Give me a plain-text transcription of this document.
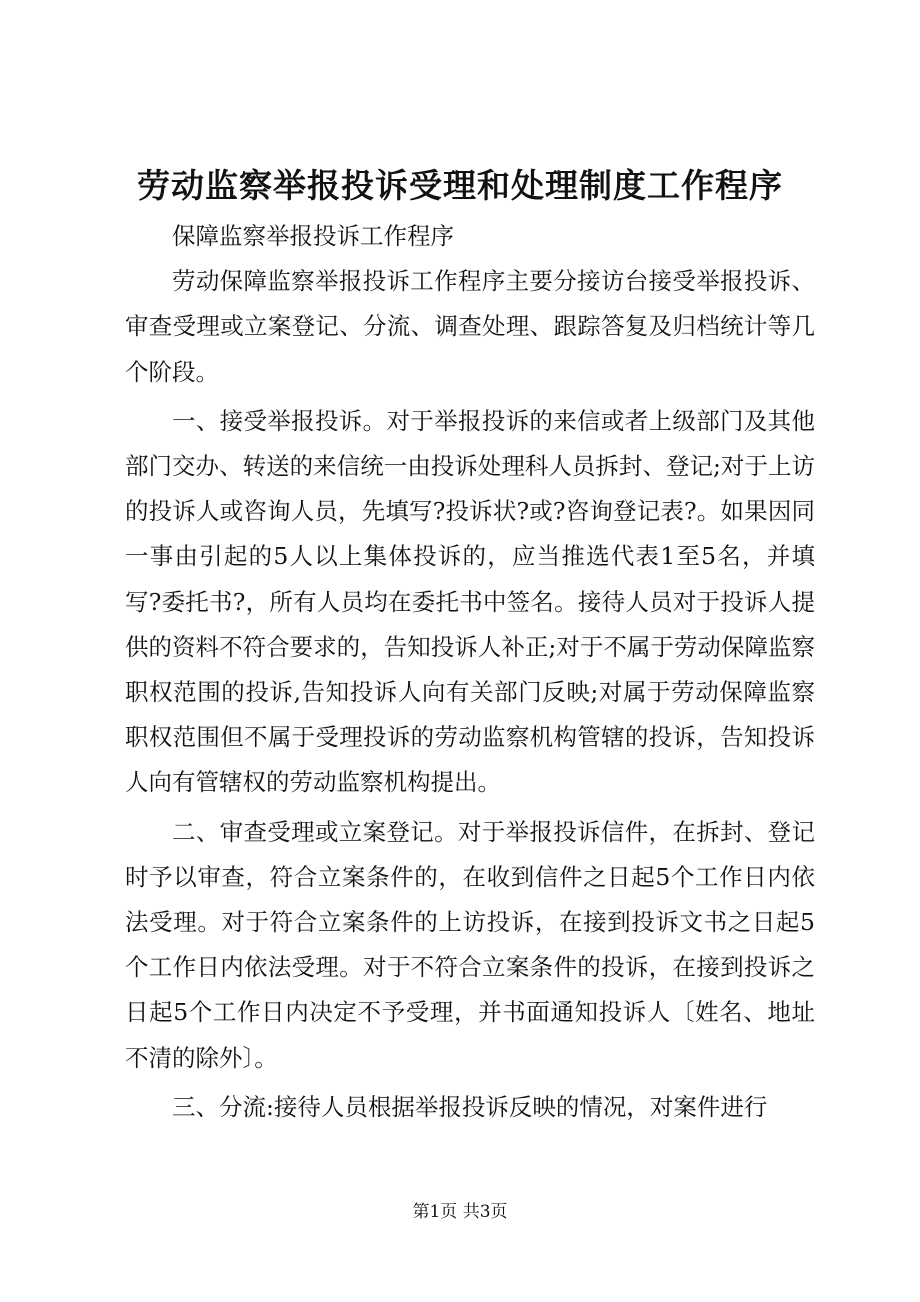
劳动监察举报投诉受理和处理制度工作程序

保障监察举报投诉工作程序

劳动保障监察举报投诉工作程序主要分接访台接受举报投诉、审查受理或立案登记、分流、调查处理、跟踪答复及归档统计等几个阶段。

一、接受举报投诉。对于举报投诉的来信或者上级部门及其他部门交办、转送的来信统一由投诉处理科人员拆封、登记;对于上访的投诉人或咨询人员，先填写?投诉状?或?咨询登记表?。如果因同一事由引起的5人以上集体投诉的，应当推选代表1至5名，并填写?委托书?，所有人员均在委托书中签名。接待人员对于投诉人提供的资料不符合要求的，告知投诉人补正;对于不属于劳动保障监察职权范围的投诉,告知投诉人向有关部门反映;对属于劳动保障监察职权范围但不属于受理投诉的劳动监察机构管辖的投诉，告知投诉人向有管辖权的劳动监察机构提出。

二、审查受理或立案登记。对于举报投诉信件，在拆封、登记时予以审查，符合立案条件的，在收到信件之日起5个工作日内依法受理。对于符合立案条件的上访投诉，在接到投诉文书之日起5个工作日内依法受理。对于不符合立案条件的投诉，在接到投诉之日起5个工作日内决定不予受理，并书面通知投诉人〔姓名、地址不清的除外〕。

三、分流:接待人员根据举报投诉反映的情况，对案件进行

第1页 共3页
